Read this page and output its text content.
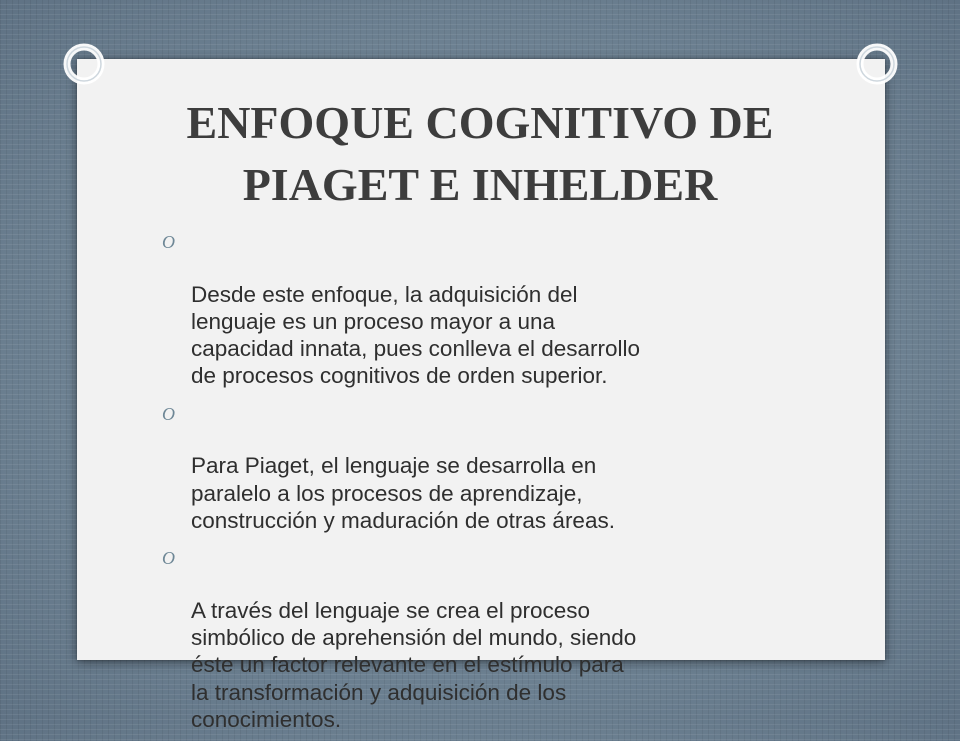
ENFOQUE COGNITIVO DE
PIAGET E INHELDER

O

Desde este enfoque, la adquisición del
lenguaje es un proceso mayor a una
capacidad innata, pues conlleva el desarrollo
de procesos cognitivos de orden superior.

O

Para Piaget, el lenguaje se desarrolla en
paralelo a los procesos de aprendizaje,
construcción y maduración de otras áreas.

O

A través del lenguaje se crea el proceso
simbólico de aprehensión del mundo, siendo
éste un factor relevante en el estímulo para
la transformación y adquisición de los
conocimientos.
